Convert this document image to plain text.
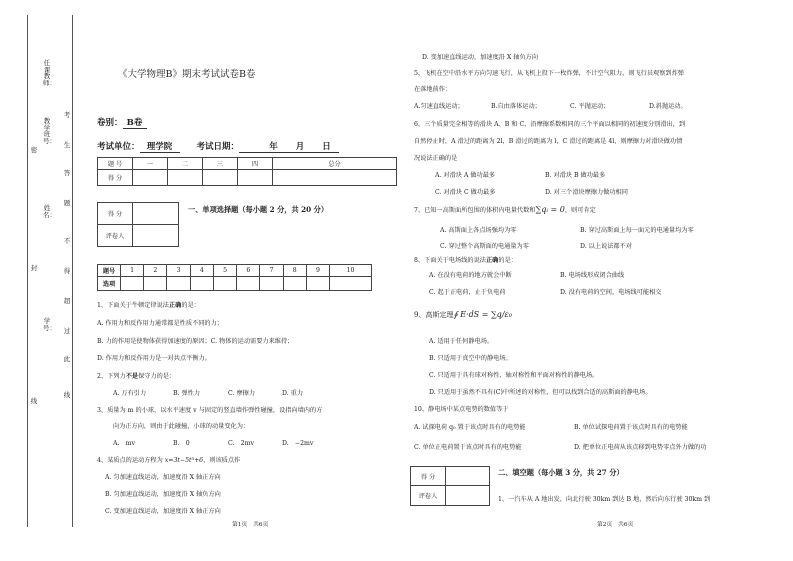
任课教师：
教学班号：
姓名：
学号：
密
封
线
考
生
答
题
不
得
超
过
此
线
《大学物理B》期末考试试卷B卷
卷别： B卷
考试单位： 理学院	考试日期：	年 月 日
题 号	一	二	三	四	总分
得 分					
得 分	
评卷人	
一、单项选择题（每小题 2 分，共 20 分）
题号	1	2	3	4	5	6	7	8	9	10
选项										
1、下面关于牛顿定律说法正确的是：
A. 作用力和反作用力通常都是性质不同的力；
B. 力的作用是使物体获得加速度的原因；C. 物体的运动需要力来维持；
D. 作用力和反作用力是一对共点平衡力。
2、下列力不是保守力的是：
A. 万有引力	B. 弹性力	C. 摩擦力	D. 重力
3、质量为 m 的小球，以水平速度 v 与固定的竖直墙作弹性碰撞，设指向墙内的方
向为正方向，则由于此碰撞，小球的动量变化为：
A.　mv	B.　0	C.　2mv	D.　−2mv
4、某质点的运动方程为 x=3t−5t³+6，则该质点作
A. 匀加速直线运动，加速度沿 X 轴正方向
B. 匀加速直线运动，加速度沿 X 轴负方向
C. 变加速直线运动，加速度沿 X 轴正方向
第1页　共6页
D. 变加速直线运动，加速度沿 X 轴负方向
5、飞机在空中沿水平方向匀速飞行，从飞机上投下一枚炸弹，不计空气阻力，则飞行员观察到炸弹
在落地前作：
A.匀速直线运动；	B.自由落体运动；	C. 平抛运动；	D.斜抛运动。
6、三个质量完全相等的滑块 A、B 和 C，沿摩擦系数相同的三个平面以相同的初速度分别滑出，到
自然停止时，A 滑过的距离为 2l，B 滑过的距离为 l，C 滑过的距离是 4l，则摩擦力对滑块做功情
况说法正确的是
A. 对滑块 A 做功最多	B. 对滑块 B 做功最多
C. 对滑块 C 做功最多	D. 对三个滑块摩擦力做功相同
7、已知一高斯面所包围的体积内电量代数和∑qᵢ = 0，则可肯定
A. 高斯面上各点场强均为零	B. 穿过高斯面上每一面元的电通量均为零
C. 穿过整个高斯面的电通量为零	D. 以上说法都不对
8、下面关于电场线的说法正确的是：
A. 在没有电荷的地方就会中断	B. 电场线形成闭合曲线
C. 起于正电荷，止于负电荷	D. 没有电荷的空间，电场线可能相交
9、高斯定理∮ E·dS = ∑q/ε₀
A. 适用于任何静电场。
B. 只适用于真空中的静电场。
C. 只适用于具有球对称性、轴对称性和平面对称性的静电场。
D. 只适用于虽然不具有(C)中所述的对称性，但可以找到合适的高斯面的静电场。
10、静电场中某点电势的数值等于
A. 试探电荷 q₀ 置于该点时具有的电势能	B. 单位试探电荷置于该点时具有的电势能
C. 单位正电荷置于该点时具有的电势能	D. 把单位正电荷从该点移到电势零点外力做的功
得 分	
评卷人	
二、填空题（每小题 3 分，共 27 分）
1、一汽车从 A 地出发，向北行驶 30km 到达 B 地，然后向东行驶 30km 到
第2页　共6页
